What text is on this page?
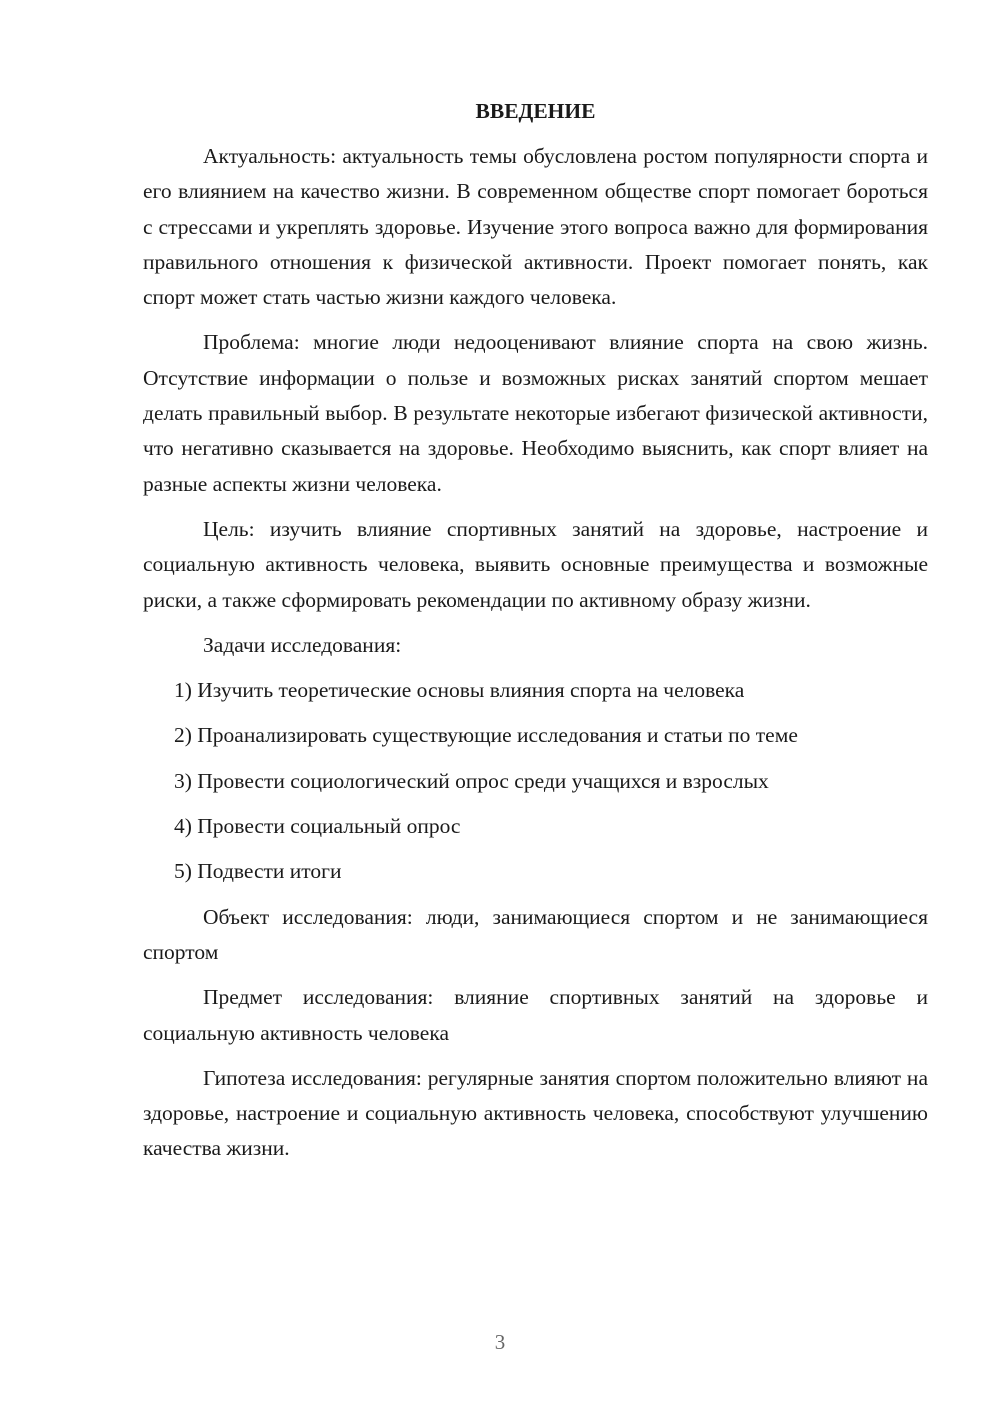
ВВЕДЕНИЕ

Актуальность: актуальность темы обусловлена ростом популярности спорта и его влиянием на качество жизни. В современном обществе спорт помогает бороться с стрессами и укреплять здоровье. Изучение этого вопроса важно для формирования правильного отношения к физической активности. Проект помогает понять, как спорт может стать частью жизни каждого человека.

Проблема: многие люди недооценивают влияние спорта на свою жизнь. Отсутствие информации о пользе и возможных рисках занятий спортом мешает делать правильный выбор. В результате некоторые избегают физической активности, что негативно сказывается на здоровье. Необходимо выяснить, как спорт влияет на разные аспекты жизни человека.

Цель: изучить влияние спортивных занятий на здоровье, настроение и социальную активность человека, выявить основные преимущества и возможные риски, а также сформировать рекомендации по активному образу жизни.

Задачи исследования:

1) Изучить теоретические основы влияния спорта на человека
2) Проанализировать существующие исследования и статьи по теме
3) Провести социологический опрос среди учащихся и взрослых
4) Провести социальный опрос
5) Подвести итоги

Объект исследования: люди, занимающиеся спортом и не занимающиеся спортом

Предмет исследования: влияние спортивных занятий на здоровье и социальную активность человека

Гипотеза исследования: регулярные занятия спортом положительно влияют на здоровье, настроение и социальную активность человека, способствуют улучшению качества жизни.

3
